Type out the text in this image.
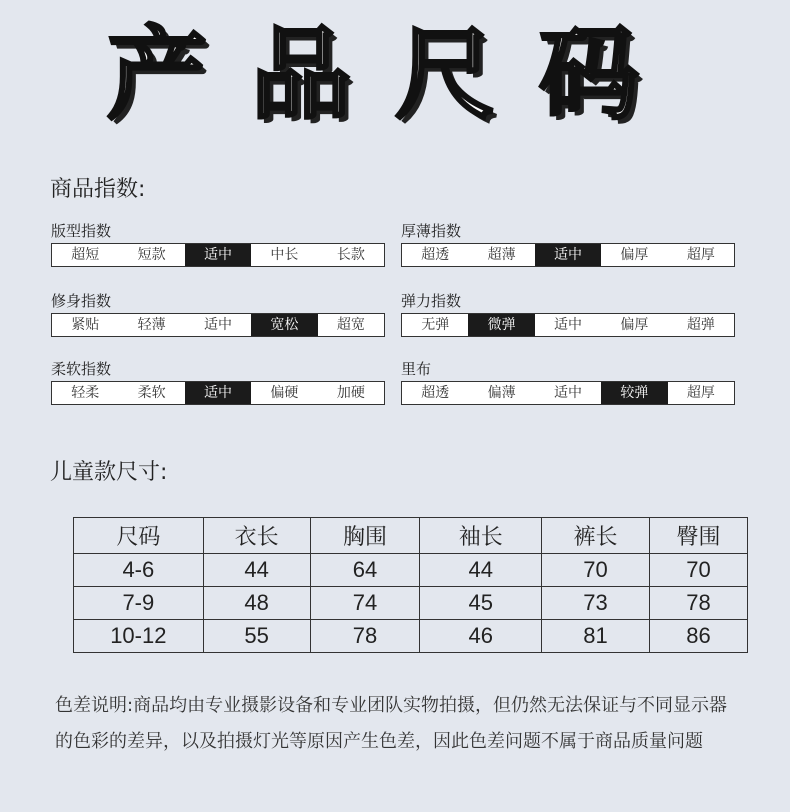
产品尺码
商品指数:
版型指数
超短	短款	适中	中长	长款
厚薄指数
超透	超薄	适中	偏厚	超厚
修身指数
紧贴	轻薄	适中	宽松	超宽
弹力指数
无弹	微弹	适中	偏厚	超弹
柔软指数
轻柔	柔软	适中	偏硬	加硬
里布
超透	偏薄	适中	较弹	超厚
儿童款尺寸:
尺码	衣长	胸围	袖长	裤长	臀围
4-6	44	64	44	70	70
7-9	48	74	45	73	78
10-12	55	78	46	81	86
色差说明:商品均由专业摄影设备和专业团队实物拍摄，但仍然无法保证与不同显示器的色彩的差异，以及拍摄灯光等原因产生色差，因此色差问题不属于商品质量问题
